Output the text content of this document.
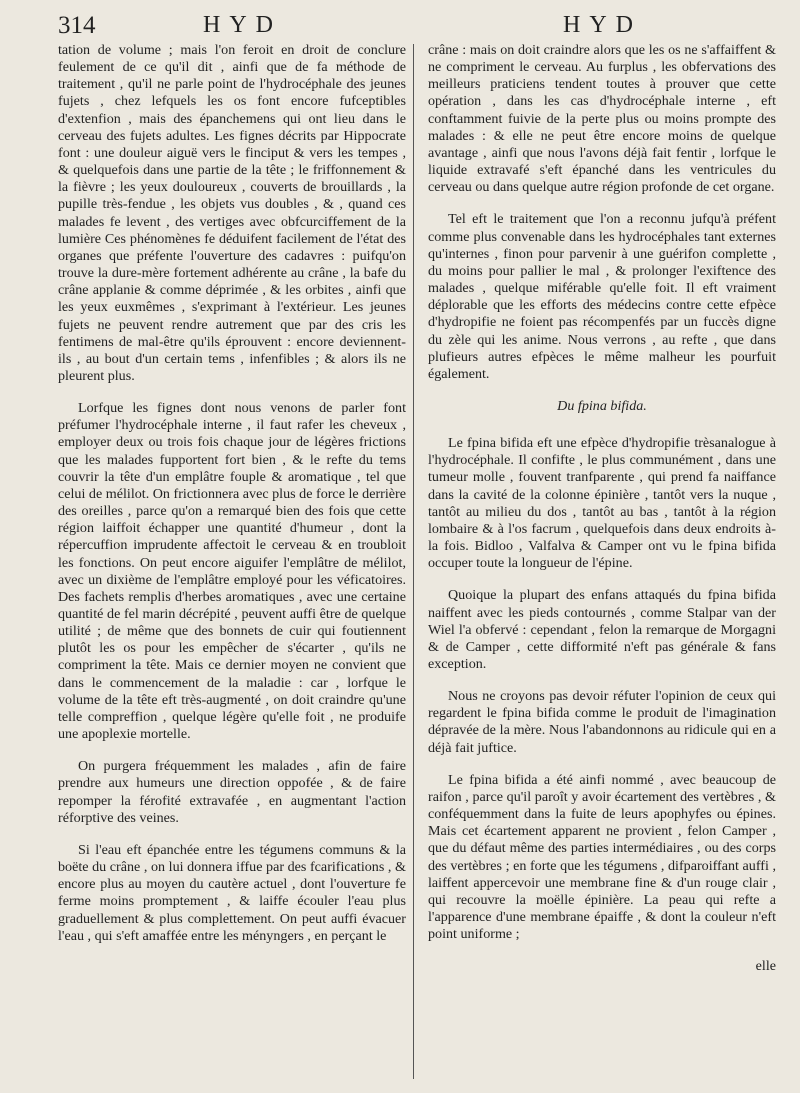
314	HYD	HYD

tation de volume ; mais l'on feroit en droit de conclure feulement de ce qu'il dit , ainfi que de fa méthode de traitement , qu'il ne parle point de l'hydrocéphale des jeunes fujets , chez lefquels les os font encore fufceptibles d'extenfion , mais des épanchemens qui ont lieu dans le cerveau des fujets adultes. Les fignes décrits par Hippocrate font : une douleur aiguë vers le finciput & vers les tempes , & quelquefois dans une partie de la tête ; le friffonnement & la fièvre ; les yeux douloureux , couverts de brouillards , la pupille très-fendue , les objets vus doubles , & , quand ces malades fe levent , des vertiges avec obfcurciffement de la lumière Ces phénomènes fe déduifent facilement de l'état des organes que préfente l'ouverture des cadavres : puifqu'on trouve la dure-mère fortement adhérente au crâne , la bafe du crâne applanie & comme déprimée , & les orbites , ainfi que les yeux euxmêmes , s'exprimant à l'extérieur. Les jeunes fujets ne peuvent rendre autrement que par des cris les fentimens de mal-être qu'ils éprouvent : encore deviennent-ils , au bout d'un certain tems , infenfibles ; & alors ils ne pleurent plus.

Lorfque les fignes dont nous venons de parler font préfumer l'hydrocéphale interne , il faut rafer les cheveux , employer deux ou trois fois chaque jour de légères frictions que les malades fupportent fort bien , & le refte du tems couvrir la tête d'un emplâtre fouple & aromatique , tel que celui de mélilot. On frictionnera avec plus de force le derrière des oreilles , parce qu'on a remarqué bien des fois que cette région laiffoit échapper une quantité d'humeur , dont la répercuffion imprudente affectoit le cerveau & en troubloit les fonctions. On peut encore aiguifer l'emplâtre de mélilot, avec un dixième de l'emplâtre employé pour les véficatoires. Des fachets remplis d'herbes aromatiques , avec une certaine quantité de fel marin décrépité , peuvent auffi être de quelque utilité ; de même que des bonnets de cuir qui foutiennent plutôt les os pour les empêcher de s'écarter , qu'ils ne compriment la tête. Mais ce dernier moyen ne convient que dans le commencement de la maladie : car , lorfque le volume de la tête eft très-augmenté , on doit craindre qu'une telle compreffion , quelque légère qu'elle foit , ne produife une apoplexie mortelle.

On purgera fréquemment les malades , afin de faire prendre aux humeurs une direction oppofée , & de faire repomper la férofité extravafée , en augmentant l'action réforptive des veines.

Si l'eau eft épanchée entre les tégumens communs & la boëte du crâne , on lui donnera iffue par des fcarifications , & encore plus au moyen du cautère actuel , dont l'ouverture fe ferme moins promptement , & laiffe écouler l'eau plus graduellement & plus complettement. On peut auffi évacuer l'eau , qui s'eft amaffée entre les ményngers , en perçant le

crâne : mais on doit craindre alors que les os ne s'affaiffent & ne compriment le cerveau. Au furplus , les obfervations des meilleurs praticiens tendent toutes à prouver que cette opération , dans les cas d'hydrocéphale interne , eft conftamment fuivie de la perte plus ou moins prompte des malades : & elle ne peut être encore moins de quelque avantage , ainfi que nous l'avons déjà fait fentir , lorfque le liquide extravafé s'eft épanché dans les ventricules du cerveau ou dans quelque autre région profonde de cet organe.

Tel eft le traitement que l'on a reconnu jufqu'à préfent comme plus convenable dans les hydrocéphales tant externes qu'internes , finon pour parvenir à une guérifon complette , du moins pour pallier le mal , & prolonger l'exiftence des malades , quelque miférable qu'elle foit. Il eft vraiment déplorable que les efforts des médecins contre cette efpèce d'hydropifie ne foient pas récompenfés par un fuccès digne du zèle qui les anime. Nous verrons , au refte , que dans plufieurs autres efpèces le même malheur les pourfuit également.

Du fpina bifida.

Le fpina bifida eft une efpèce d'hydropifie trèsanalogue à l'hydrocéphale. Il confifte , le plus communément , dans une tumeur molle , fouvent tranfparente , qui prend fa naiffance dans la cavité de la colonne épinière , tantôt vers la nuque , tantôt au milieu du dos , tantôt au bas , tantôt à la région lombaire & à l'os facrum , quelquefois dans deux endroits à-la fois. Bidloo , Valfalva & Camper ont vu le fpina bifida occuper toute la longueur de l'épine.

Quoique la plupart des enfans attaqués du fpina bifida naiffent avec les pieds contournés , comme Stalpar van der Wiel l'a obfervé : cependant , felon la remarque de Morgagni & de Camper , cette difformité n'eft pas générale & fans exception.

Nous ne croyons pas devoir réfuter l'opinion de ceux qui regardent le fpina bifida comme le produit de l'imagination dépravée de la mère. Nous l'abandonnons au ridicule qui en a déjà fait juftice.

Le fpina bifida a été ainfi nommé , avec beaucoup de raifon , parce qu'il paroît y avoir écartement des vertèbres , & conféquemment dans la fuite de leurs apophyfes ou épines. Mais cet écartement apparent ne provient , felon Camper , que du défaut même des parties intermédiaires , ou des corps des vertèbres ; en forte que les tégumens , difparoiffant auffi , laiffent appercevoir une membrane fine & d'un rouge clair , qui recouvre la moëlle épinière. La peau qui refte a l'apparence d'une membrane épaiffe , & dont la couleur n'eft point uniforme ;

elle
